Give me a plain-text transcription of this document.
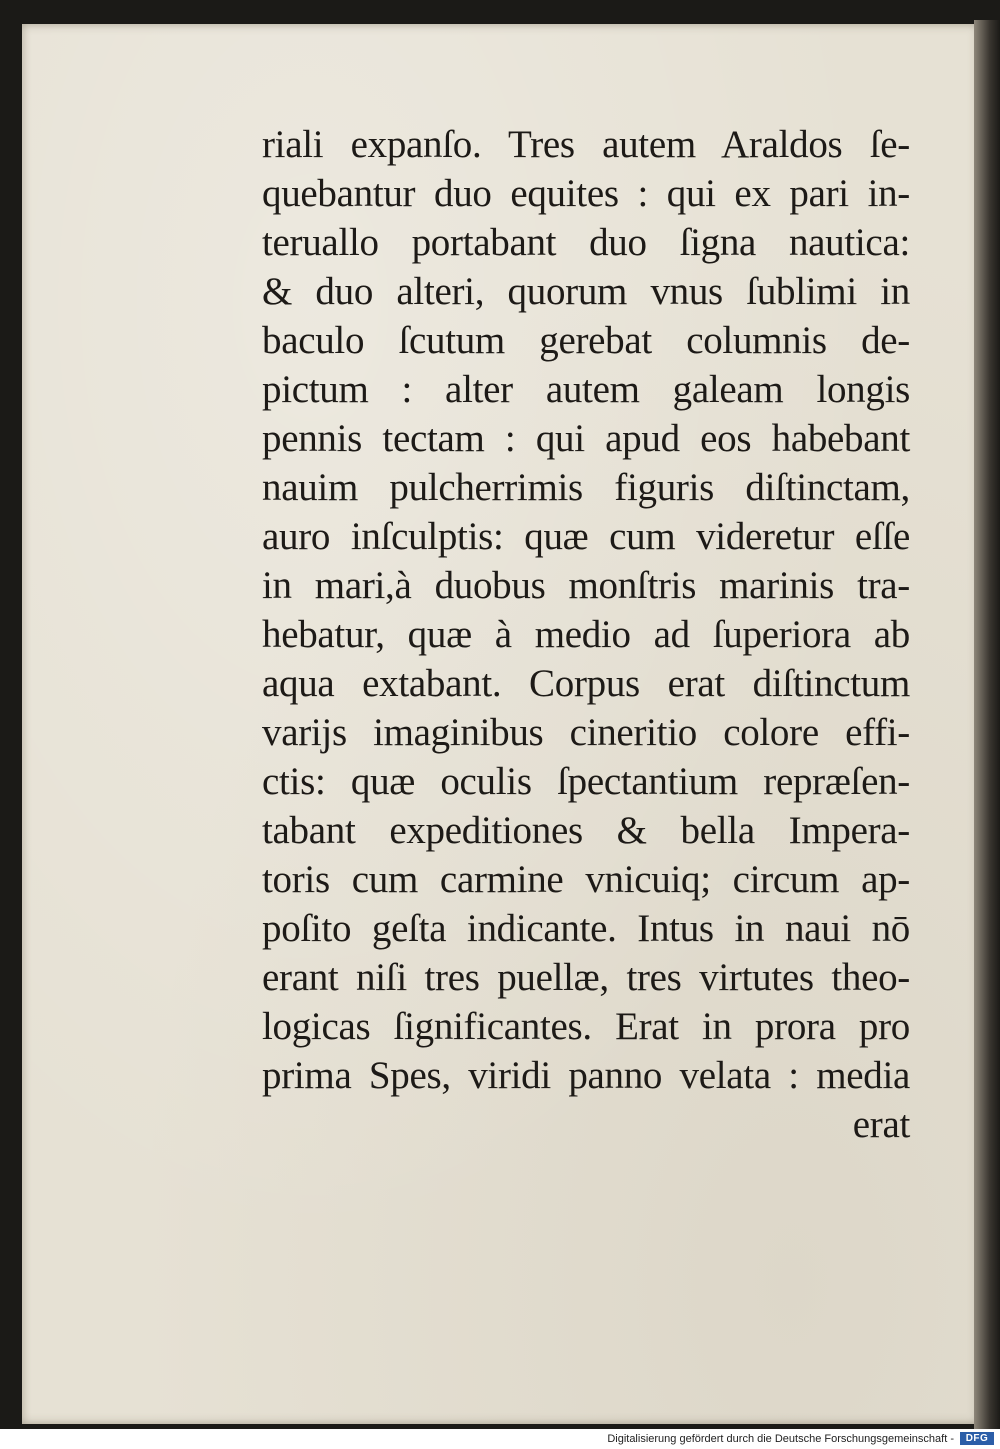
riali expanſo. Tres autem Araldos ſe-
quebantur duo equites : qui ex pari in-
teruallo portabant duo ſigna nautica:
& duo alteri, quorum vnus ſublimi in
baculo ſcutum gerebat columnis de-
pictum : alter autem galeam longis
pennis tectam : qui apud eos habebant
nauim pulcherrimis figuris diſtinctam,
auro inſculptis: quæ cum videretur eſſe
in mari,à duobus monſtris marinis tra-
hebatur, quæ à medio ad ſuperiora ab
aqua extabant. Corpus erat diſtinctum
varijs imaginibus cineritio colore effi-
ctis: quæ oculis ſpectantium repræſen-
tabant expeditiones & bella Impera-
toris cum carmine vnicuiq; circum ap-
poſito geſta indicante. Intus in naui nō
erant niſi tres puellæ, tres virtutes theo-
logicas ſignificantes. Erat in prora pro
prima Spes, viridi panno velata : media
erat
Digitalisierung gefördert durch die Deutsche Forschungsgemeinschaft -	DFG
